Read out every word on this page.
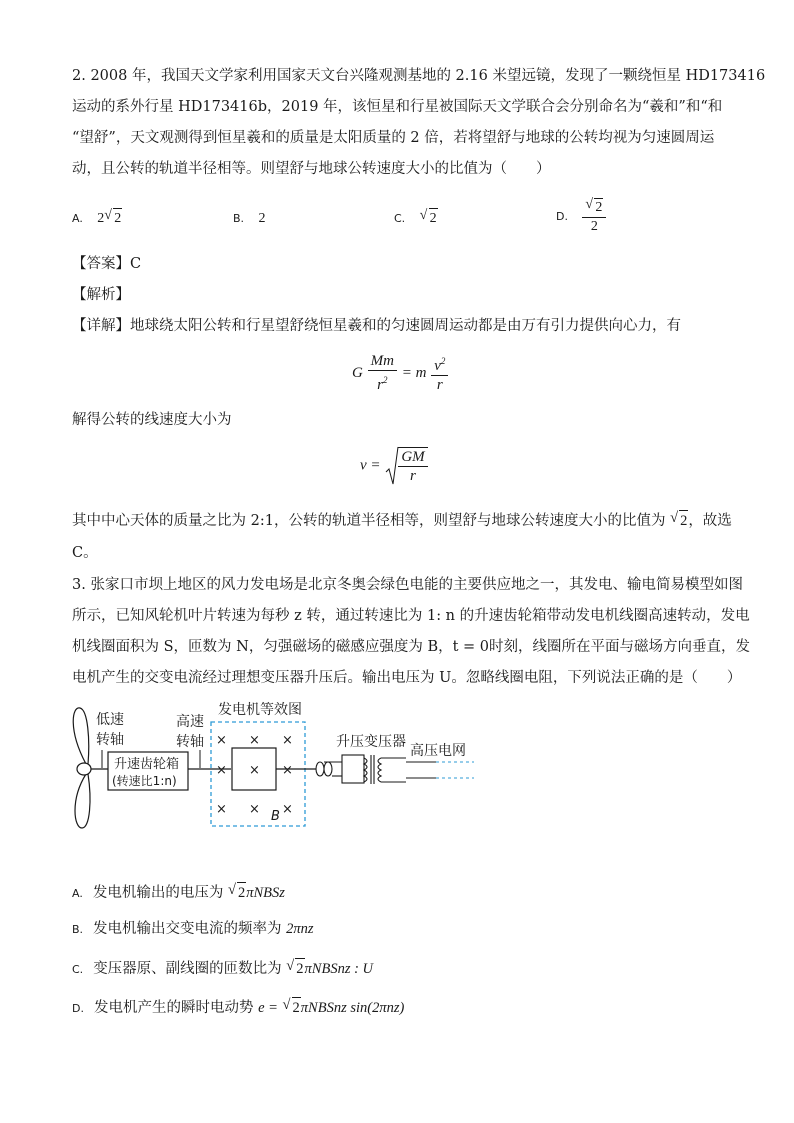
2. 2008 年，我国天文学家利用国家天文台兴隆观测基地的 2.16 米望远镜，发现了一颗绕恒星 HD173416
运动的系外行星 HD173416b，2019 年，该恒星和行星被国际天文学联合会分别命名为“羲和”和“和
“望舒”，天文观测得到恒星羲和的质量是太阳质量的 2 倍，若将望舒与地球的公转均视为匀速圆周运
动，且公转的轨道半径相等。则望舒与地球公转速度大小的比值为（　　）
A. 2 √ 2	B. 2	C. √ 2	D. $\frac{√ 2}{2}$
【答案】C
【解析】
【详解】地球绕太阳公转和行星望舒绕恒星羲和的匀速圆周运动都是由万有引力提供向心力，有
G $\frac{Mm}{r^2} = m \frac{v^2}{r}$
解得公转的线速度大小为
$v = \frac{GM}{r}$
其中中心天体的质量之比为 2:1，公转的轨道半径相等，则望舒与地球公转速度大小的比值为 √ 2，故选
C。
3. 张家口市坝上地区的风力发电场是北京冬奥会绿色电能的主要供应地之一，其发电、输电简易模型如图
所示，已知风轮机叶片转速为每秒 z 转，通过转速比为 1: n 的升速齿轮箱带动发电机线圈高速转动，发电
机线圈面积为 S，匝数为 N，匀强磁场的磁感应强度为 B，t = 0时刻，线圈所在平面与磁场方向垂直，发
电机产生的交变电流经过理想变压器升压后。输出电压为 U。忽略线圈电阻，下列说法正确的是（　　）
低速
转轴
升速齿轮箱
(转速比1:n)
高速
转轴
发电机等效图
× × ×
× × ×
× × ×
B
升压变压器
高压电网
A. 发电机输出的电压为 √ 2πNBSz
B. 发电机输出交变电流的频率为 2πnz
C. 变压器原、副线圈的匝数比为 √ 2πNBSnz : U
D. 发电机产生的瞬时电动势 e = √ 2πNBSnz sin(2πnz)
